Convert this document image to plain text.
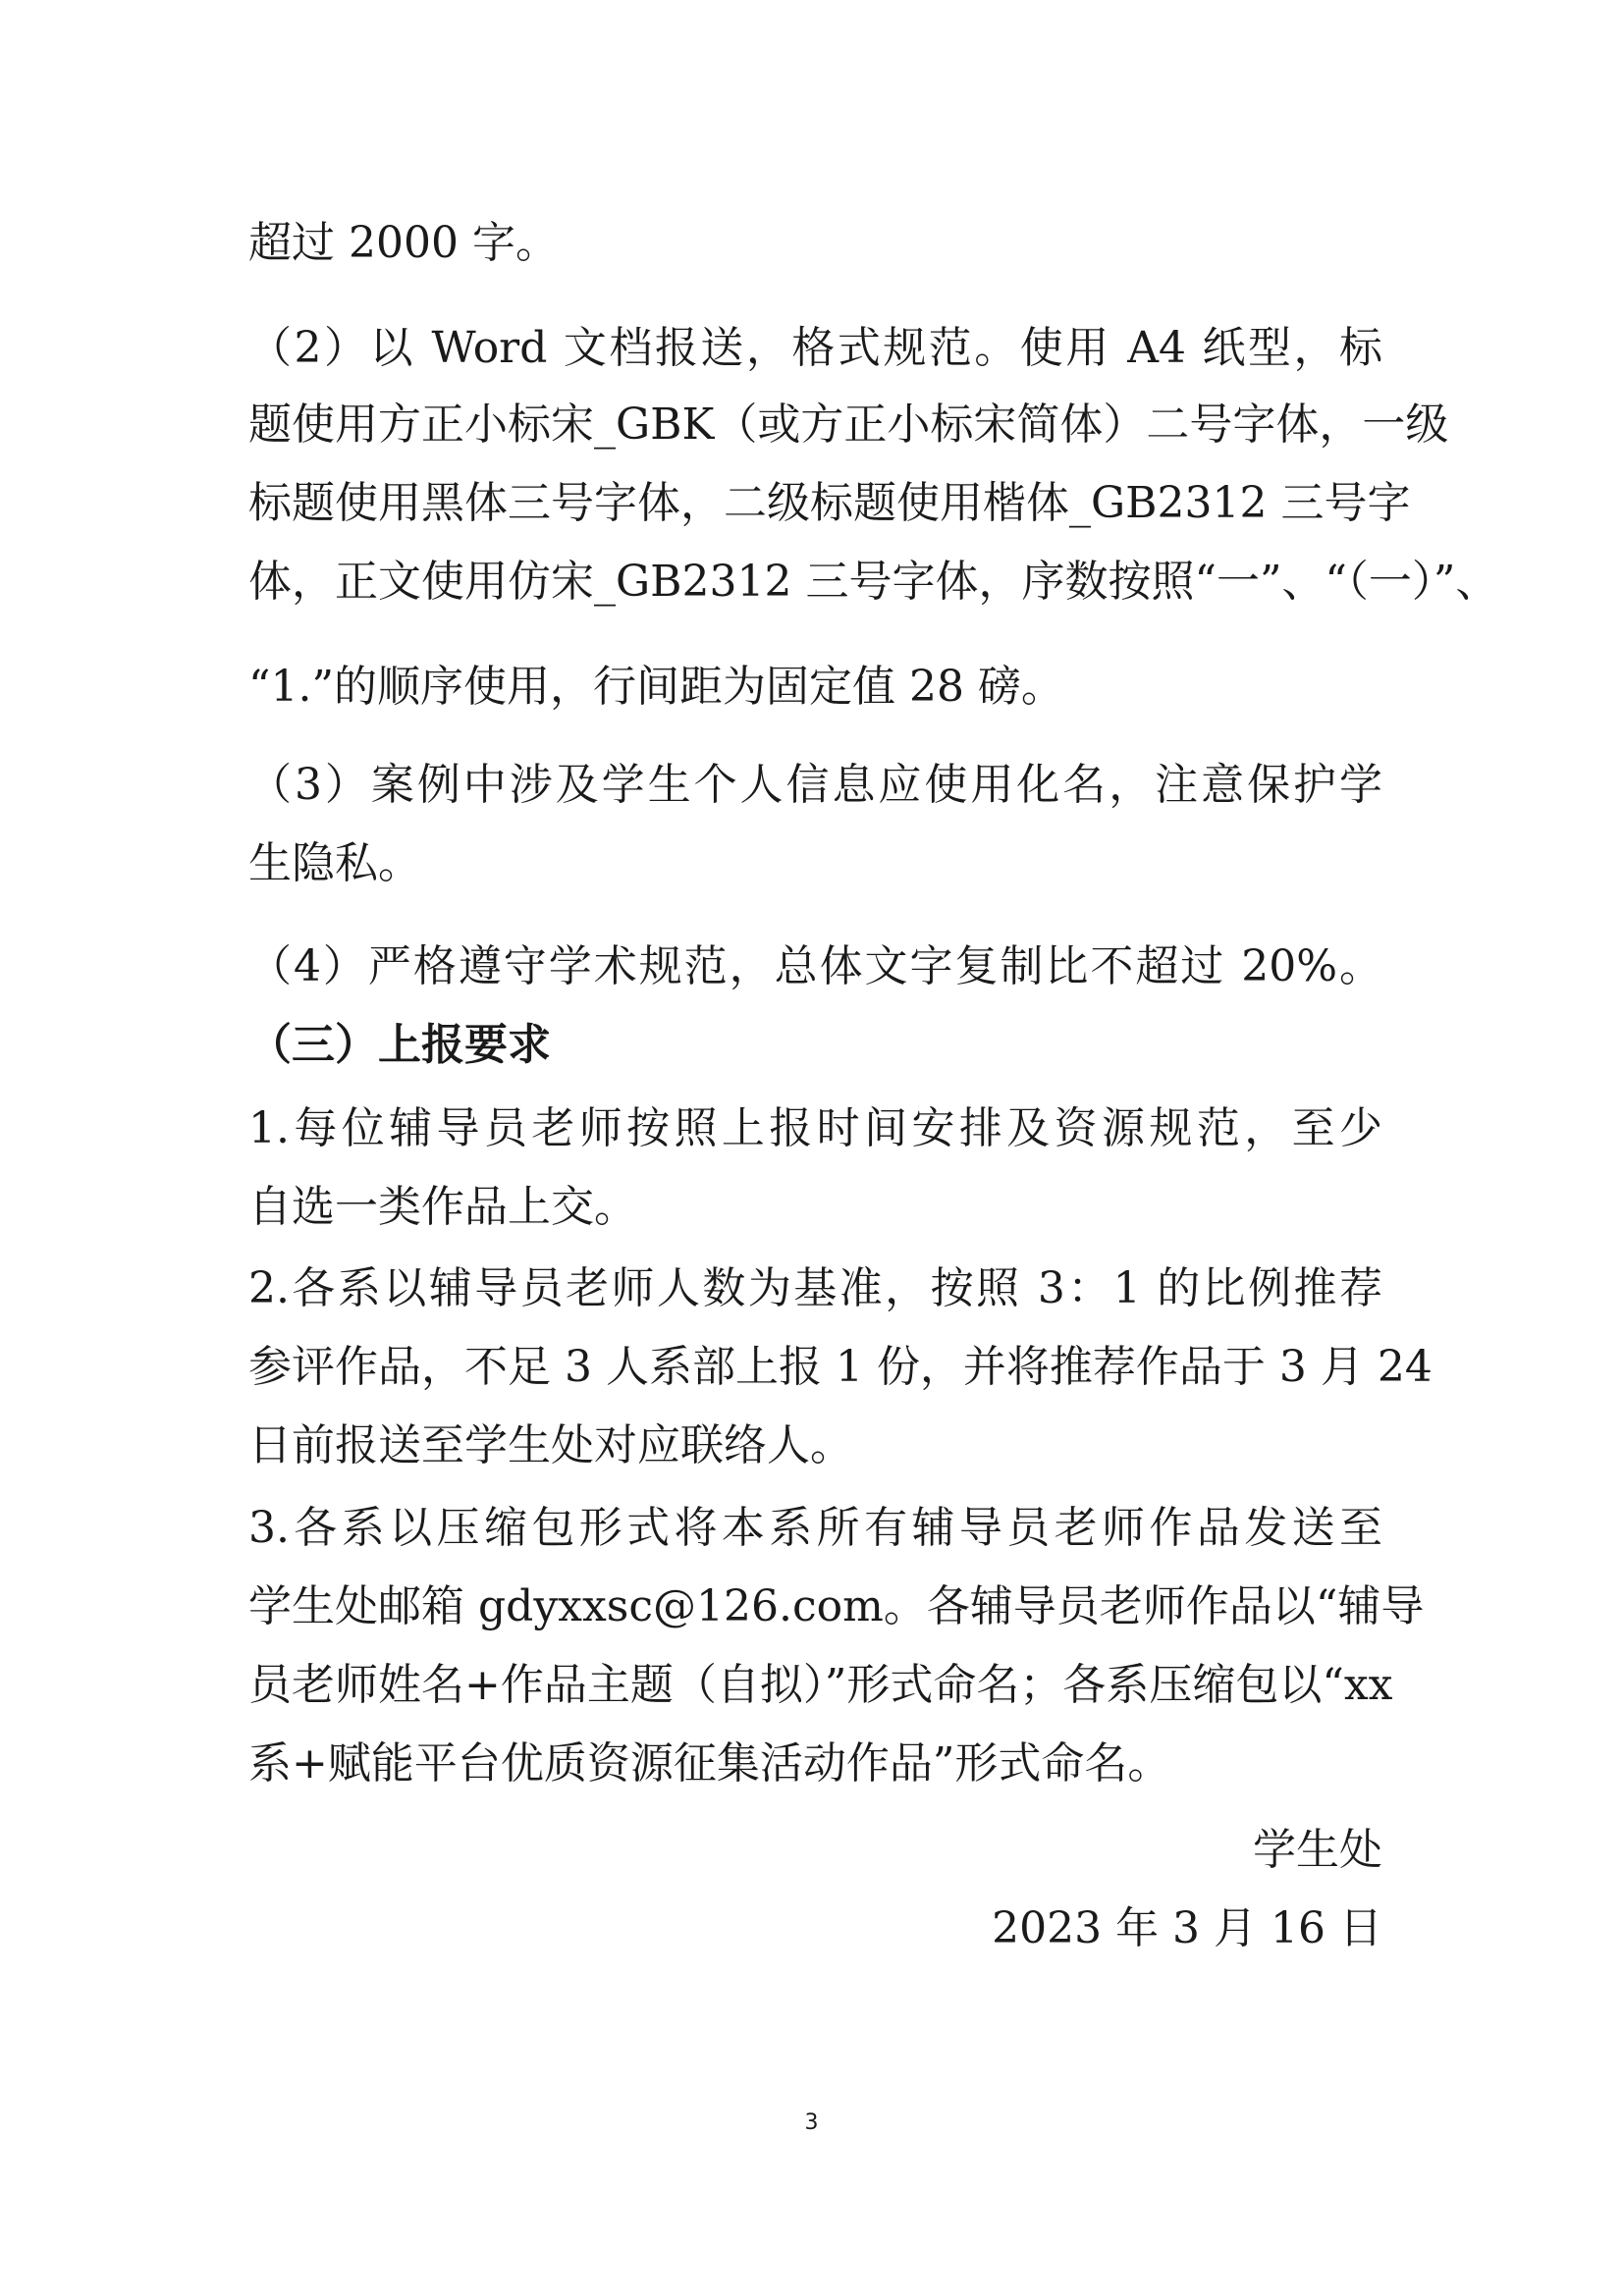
超过 2000 字。
（2）以 Word 文档报送，格式规范。使用 A4 纸型，标
题使用方正小标宋_GBK（或方正小标宋简体）二号字体，一级
标题使用黑体三号字体，二级标题使用楷体_GB2312 三号字
体，正文使用仿宋_GB2312 三号字体，序数按照“一”、“（一）”、
“1.”的顺序使用，行间距为固定值 28 磅。
（3）案例中涉及学生个人信息应使用化名，注意保护学
生隐私。
（4）严格遵守学术规范，总体文字复制比不超过 20%。
（三）上报要求
1.每位辅导员老师按照上报时间安排及资源规范，至少
自选一类作品上交。
2.各系以辅导员老师人数为基准，按照 3：1 的比例推荐
参评作品，不足 3 人系部上报 1 份，并将推荐作品于 3 月 24
日前报送至学生处对应联络人。
3.各系以压缩包形式将本系所有辅导员老师作品发送至
学生处邮箱 gdyxxsc@126.com。各辅导员老师作品以“辅导
员老师姓名+作品主题（自拟）”形式命名；各系压缩包以“xx
系+赋能平台优质资源征集活动作品”形式命名。
学生处
2023 年 3 月 16 日
3
